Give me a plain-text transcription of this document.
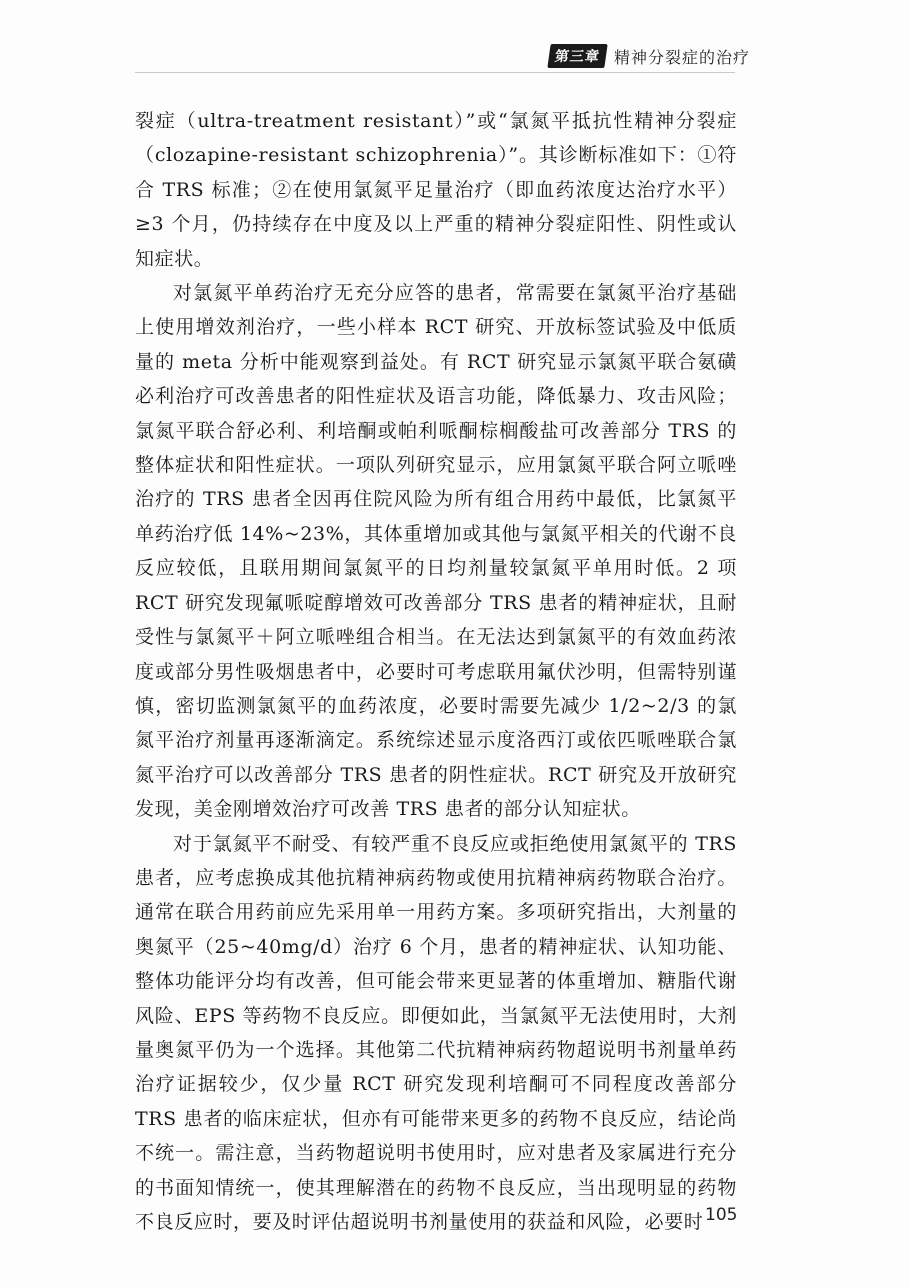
第三章 精神分裂症的治疗

裂症（ultra-treatment resistant）”或“氯氮平抵抗性精神分裂症（clozapine-resistant schizophrenia）”。其诊断标准如下：①符合 TRS 标准；②在使用氯氮平足量治疗（即血药浓度达治疗水平）≥3 个月，仍持续存在中度及以上严重的精神分裂症阳性、阴性或认知症状。

对氯氮平单药治疗无充分应答的患者，常需要在氯氮平治疗基础上使用增效剂治疗，一些小样本 RCT 研究、开放标签试验及中低质量的 meta 分析中能观察到益处。有 RCT 研究显示氯氮平联合氨磺必利治疗可改善患者的阳性症状及语言功能，降低暴力、攻击风险；氯氮平联合舒必利、利培酮或帕利哌酮棕榈酸盐可改善部分 TRS 的整体症状和阳性症状。一项队列研究显示，应用氯氮平联合阿立哌唑治疗的 TRS 患者全因再住院风险为所有组合用药中最低，比氯氮平单药治疗低 14%~23%，其体重增加或其他与氯氮平相关的代谢不良反应较低，且联用期间氯氮平的日均剂量较氯氮平单用时低。2 项 RCT 研究发现氟哌啶醇增效可改善部分 TRS 患者的精神症状，且耐受性与氯氮平＋阿立哌唑组合相当。在无法达到氯氮平的有效血药浓度或部分男性吸烟患者中，必要时可考虑联用氟伏沙明，但需特别谨慎，密切监测氯氮平的血药浓度，必要时需要先减少 1/2~2/3 的氯氮平治疗剂量再逐渐滴定。系统综述显示度洛西汀或依匹哌唑联合氯氮平治疗可以改善部分 TRS 患者的阴性症状。RCT 研究及开放研究发现，美金刚增效治疗可改善 TRS 患者的部分认知症状。

对于氯氮平不耐受、有较严重不良反应或拒绝使用氯氮平的 TRS 患者，应考虑换成其他抗精神病药物或使用抗精神病药物联合治疗。通常在联合用药前应先采用单一用药方案。多项研究指出，大剂量的奥氮平（25~40mg/d）治疗 6 个月，患者的精神症状、认知功能、整体功能评分均有改善，但可能会带来更显著的体重增加、糖脂代谢风险、EPS 等药物不良反应。即便如此，当氯氮平无法使用时，大剂量奥氮平仍为一个选择。其他第二代抗精神病药物超说明书剂量单药治疗证据较少，仅少量 RCT 研究发现利培酮可不同程度改善部分 TRS 患者的临床症状，但亦有可能带来更多的药物不良反应，结论尚不统一。需注意，当药物超说明书使用时，应对患者及家属进行充分的书面知情统一，使其理解潜在的药物不良反应，当出现明显的药物不良反应时，要及时评估超说明书剂量使用的获益和风险，必要时 105
